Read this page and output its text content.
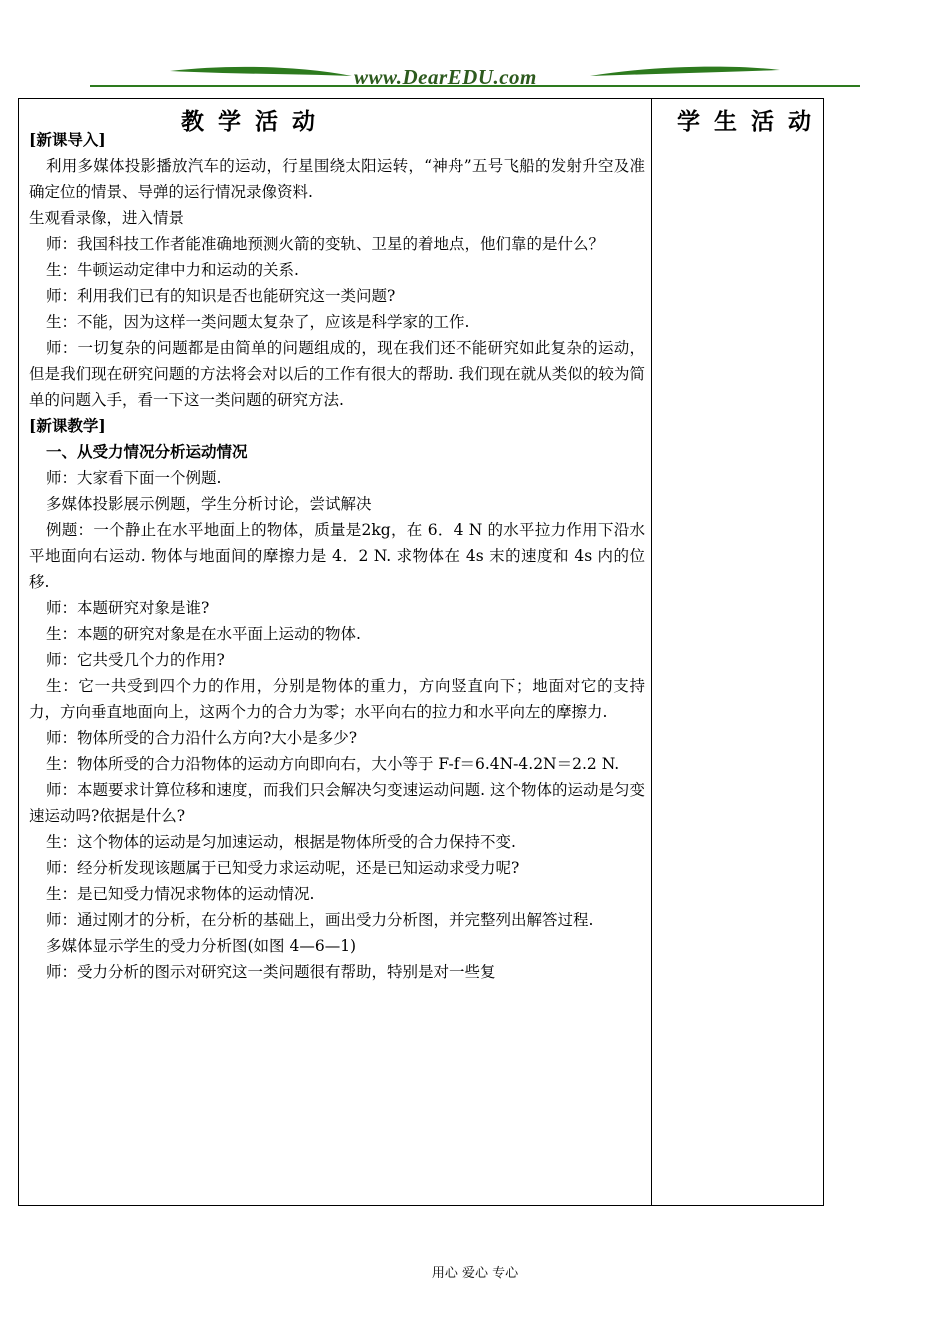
www.DearEDU.com
教 学 活 动	学 生 活 动

[新课导入]

利用多媒体投影播放汽车的运动，行星围绕太阳运转，“神舟”五号飞船的发射升空及准确定位的情景、导弹的运行情况录像资料.

生观看录像，进入情景

师：我国科技工作者能准确地预测火箭的变轨、卫星的着地点，他们靠的是什么？

生：牛顿运动定律中力和运动的关系.

师：利用我们已有的知识是否也能研究这一类问题?

生：不能，因为这样一类问题太复杂了，应该是科学家的工作.

师：一切复杂的问题都是由简单的问题组成的，现在我们还不能研究如此复杂的运动，但是我们现在研究问题的方法将会对以后的工作有很大的帮助. 我们现在就从类似的较为简单的问题入手，看一下这一类问题的研究方法.

[新课教学]

一、从受力情况分析运动情况

师：大家看下面一个例题.

多媒体投影展示例题，学生分析讨论，尝试解决

例题：一个静止在水平地面上的物体，质量是2kg，在 6．4 N 的水平拉力作用下沿水平地面向右运动. 物体与地面间的摩擦力是 4．2 N. 求物体在 4s 末的速度和 4s 内的位移.

师：本题研究对象是谁?

生：本题的研究对象是在水平面上运动的物体.

师：它共受几个力的作用?

生：它一共受到四个力的作用，分别是物体的重力，方向竖直向下；地面对它的支持力，方向垂直地面向上，这两个力的合力为零；水平向右的拉力和水平向左的摩擦力.

师：物体所受的合力沿什么方向?大小是多少?

生：物体所受的合力沿物体的运动方向即向右，大小等于 F-f＝6.4N-4.2N＝2.2 N.

师：本题要求计算位移和速度，而我们只会解决匀变速运动问题. 这个物体的运动是匀变速运动吗?依据是什么?

生：这个物体的运动是匀加速运动，根据是物体所受的合力保持不变.

师：经分析发现该题属于已知受力求运动呢，还是已知运动求受力呢?

生：是已知受力情况求物体的运动情况.

师：通过刚才的分析，在分析的基础上，画出受力分析图，并完整列出解答过程.

多媒体显示学生的受力分析图(如图 4—6—1)

师：受力分析的图示对研究这一类问题很有帮助，特别是对一些复

用心 爱心 专心
